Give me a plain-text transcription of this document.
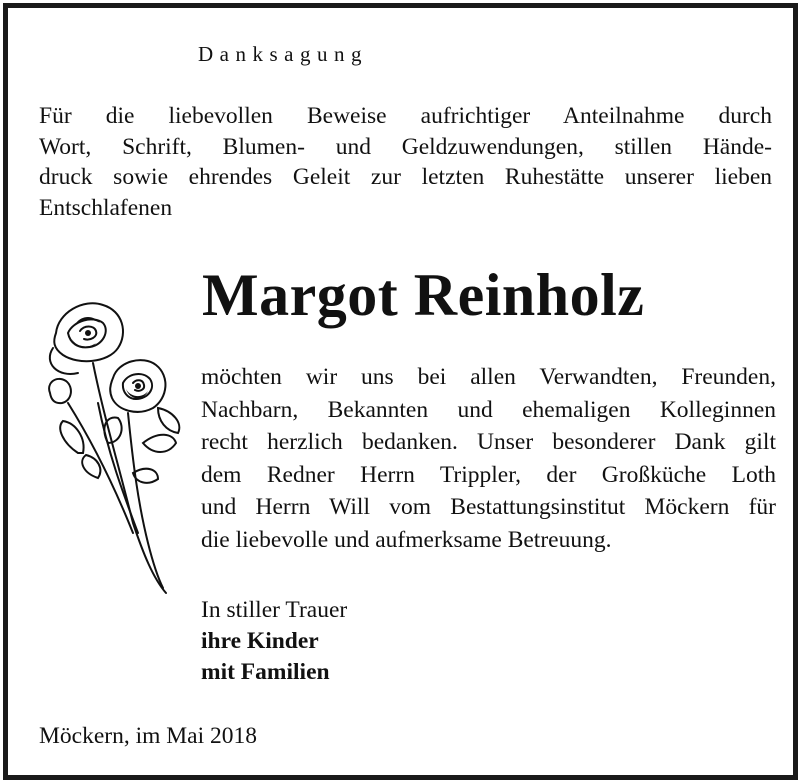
Danksagung

Für die liebevollen Beweise aufrichtiger Anteilnahme durch
Wort, Schrift, Blumen- und Geldzuwendungen, stillen Hände-
druck sowie ehrendes Geleit zur letzten Ruhestätte unserer lieben
Entschlafenen

Margot Reinholz

möchten wir uns bei allen Verwandten, Freunden,
Nachbarn, Bekannten und ehemaligen Kolleginnen
recht herzlich bedanken. Unser besonderer Dank gilt
dem Redner Herrn Trippler, der Großküche Loth
und Herrn Will vom Bestattungsinstitut Möckern für
die liebevolle und aufmerksame Betreuung.

In stiller Trauer
ihre Kinder
mit Familien
Möckern, im Mai 2018
